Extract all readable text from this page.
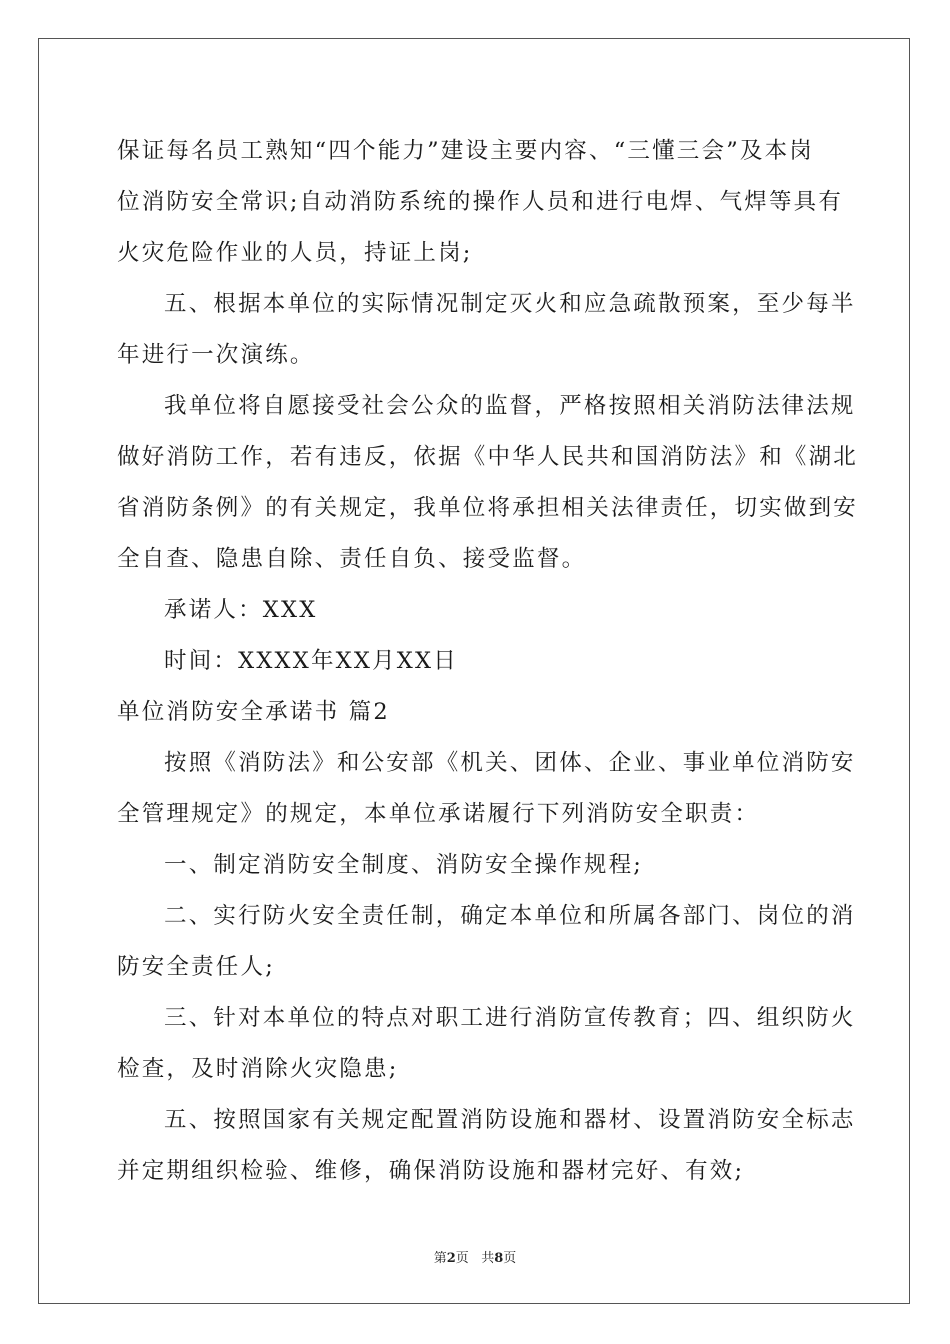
保证每名员工熟知“四个能力”建设主要内容、“三懂三会”及本岗

位消防安全常识;自动消防系统的操作人员和进行电焊、气焊等具有

火灾危险作业的人员，持证上岗;

五、根据本单位的实际情况制定灭火和应急疏散预案，至少每半

年进行一次演练。

我单位将自愿接受社会公众的监督，严格按照相关消防法律法规

做好消防工作，若有违反，依据《中华人民共和国消防法》和《湖北

省消防条例》的有关规定，我单位将承担相关法律责任，切实做到安

全自查、隐患自除、责任自负、接受监督。

承诺人：XXX

时间：XXXX年XX月XX日

单位消防安全承诺书 篇2

按照《消防法》和公安部《机关、团体、企业、事业单位消防安

全管理规定》的规定，本单位承诺履行下列消防安全职责：

一、制定消防安全制度、消防安全操作规程;

二、实行防火安全责任制，确定本单位和所属各部门、岗位的消

防安全责任人;

三、针对本单位的特点对职工进行消防宣传教育；四、组织防火

检查，及时消除火灾隐患;

五、按照国家有关规定配置消防设施和器材、设置消防安全标志

并定期组织检验、维修，确保消防设施和器材完好、有效;

第2页 共8页
